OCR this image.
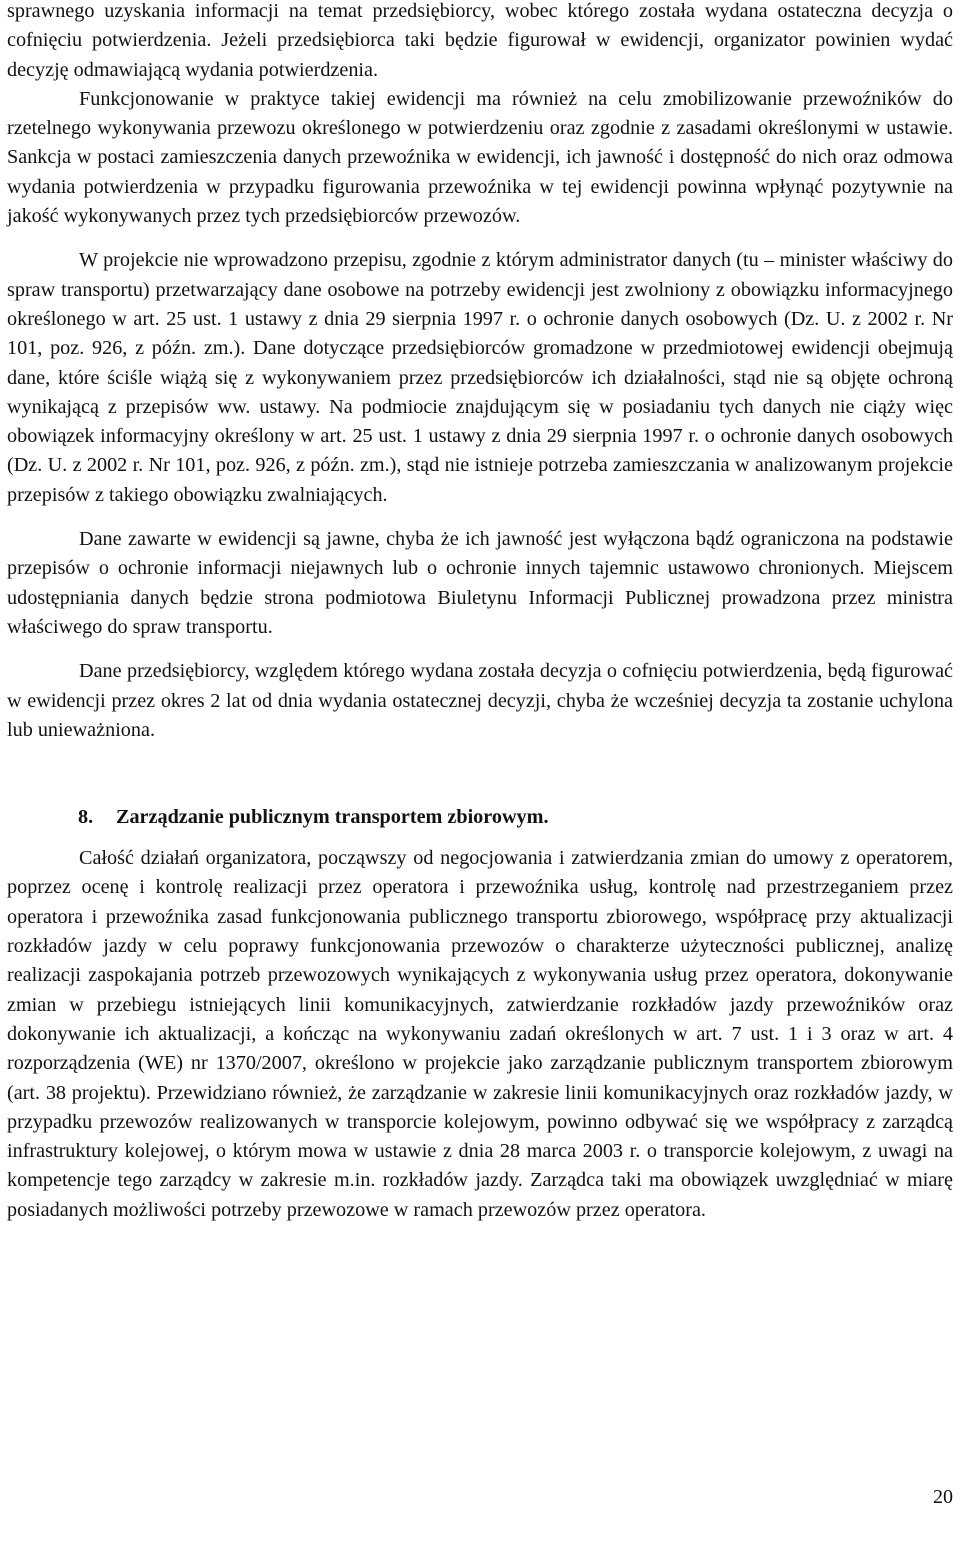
sprawnego uzyskania informacji na temat przedsiębiorcy, wobec którego została wydana ostateczna decyzja o cofnięciu potwierdzenia. Jeżeli przedsiębiorca taki będzie figurował w ewidencji, organizator powinien wydać decyzję odmawiającą wydania potwierdzenia.

Funkcjonowanie w praktyce takiej ewidencji ma również na celu zmobilizowanie przewoźników do rzetelnego wykonywania przewozu określonego w potwierdzeniu oraz zgodnie z zasadami określonymi w ustawie. Sankcja w postaci zamieszczenia danych przewoźnika w ewidencji, ich jawność i dostępność do nich oraz odmowa wydania potwierdzenia w przypadku figurowania przewoźnika w tej ewidencji powinna wpłynąć pozytywnie na jakość wykonywanych przez tych przedsiębiorców przewozów.

W projekcie nie wprowadzono przepisu, zgodnie z którym administrator danych (tu – minister właściwy do spraw transportu) przetwarzający dane osobowe na potrzeby ewidencji jest zwolniony z obowiązku informacyjnego określonego w art. 25 ust. 1 ustawy z dnia 29 sierpnia 1997 r. o ochronie danych osobowych (Dz. U. z 2002 r. Nr 101, poz. 926, z późn. zm.). Dane dotyczące przedsiębiorców gromadzone w przedmiotowej ewidencji obejmują dane, które ściśle wiążą się z wykonywaniem przez przedsiębiorców ich działalności, stąd nie są objęte ochroną wynikającą z przepisów ww. ustawy. Na podmiocie znajdującym się w posiadaniu tych danych nie ciąży więc obowiązek informacyjny określony w art. 25 ust. 1 ustawy z dnia 29 sierpnia 1997 r. o ochronie danych osobowych (Dz. U. z 2002 r. Nr 101, poz. 926, z późn. zm.), stąd nie istnieje potrzeba zamieszczania w analizowanym projekcie przepisów z takiego obowiązku zwalniających.

Dane zawarte w ewidencji są jawne, chyba że ich jawność jest wyłączona bądź ograniczona na podstawie przepisów o ochronie informacji niejawnych lub o ochronie innych tajemnic ustawowo chronionych. Miejscem udostępniania danych będzie strona podmiotowa Biuletynu Informacji Publicznej prowadzona przez ministra właściwego do spraw transportu.

Dane przedsiębiorcy, względem którego wydana została decyzja o cofnięciu potwierdzenia, będą figurować w ewidencji przez okres 2 lat od dnia wydania ostatecznej decyzji, chyba że wcześniej decyzja ta zostanie uchylona lub unieważniona.

8. Zarządzanie publicznym transportem zbiorowym.

Całość działań organizatora, począwszy od negocjowania i zatwierdzania zmian do umowy z operatorem, poprzez ocenę i kontrolę realizacji przez operatora i przewoźnika usług, kontrolę nad przestrzeganiem przez operatora i przewoźnika zasad funkcjonowania publicznego transportu zbiorowego, współpracę przy aktualizacji rozkładów jazdy w celu poprawy funkcjonowania przewozów o charakterze użyteczności publicznej, analizę realizacji zaspokajania potrzeb przewozowych wynikających z wykonywania usług przez operatora, dokonywanie zmian w przebiegu istniejących linii komunikacyjnych, zatwierdzanie rozkładów jazdy przewoźników oraz dokonywanie ich aktualizacji, a kończąc na wykonywaniu zadań określonych w art. 7 ust. 1 i 3 oraz w art. 4 rozporządzenia (WE) nr 1370/2007, określono w projekcie jako zarządzanie publicznym transportem zbiorowym (art. 38 projektu). Przewidziano również, że zarządzanie w zakresie linii komunikacyjnych oraz rozkładów jazdy, w przypadku przewozów realizowanych w transporcie kolejowym, powinno odbywać się we współpracy z zarządcą infrastruktury kolejowej, o którym mowa w ustawie z dnia 28 marca 2003 r. o transporcie kolejowym, z uwagi na kompetencje tego zarządcy w zakresie m.in. rozkładów jazdy. Zarządca taki ma obowiązek uwzględniać w miarę posiadanych możliwości potrzeby przewozowe w ramach przewozów przez operatora.

20
